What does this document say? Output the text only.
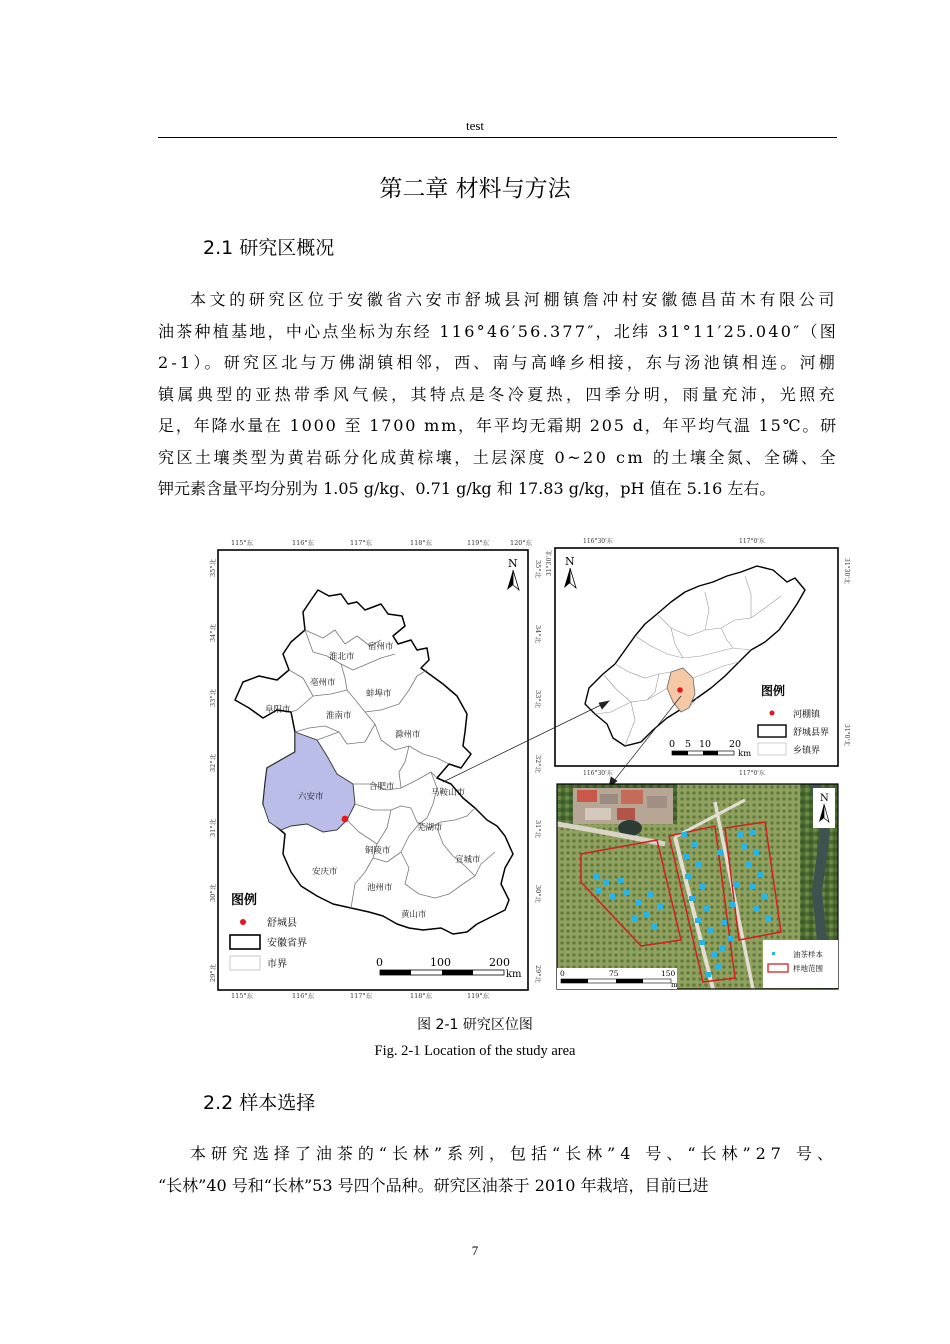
test
第二章 材料与方法
2.1 研究区概况

本文的研究区位于安徽省六安市舒城县河棚镇詹冲村安徽德昌苗木有限公司
油茶种植基地，中心点坐标为东经 116°46′56.377″，北纬 31°11′25.040″（图
2-1）。研究区北与万佛湖镇相邻，西、南与高峰乡相接，东与汤池镇相连。河棚
镇属典型的亚热带季风气候，其特点是冬冷夏热，四季分明，雨量充沛，光照充
足，年降水量在 1000 至 1700 mm，年平均无霜期 205 d，年平均气温 15℃。研
究区土壤类型为黄岩砾分化成黄棕壤，土层深度 0~20 cm 的土壤全氮、全磷、全
钾元素含量平均分别为 1.05 g/kg、0.71 g/kg 和 17.83 g/kg，pH 值在 5.16 左右。

115°东	116°东	117°东	118°东	119°东	120°东
115°东	116°东	117°东	118°东	119°东
35°北
34°北
33°北
32°北
31°北
30°北
29°北
35°北
34°北
33°北
32°北
31°北
30°北
29°北
宿州市
淮北市
亳州市
蚌埠市
阜阳市
淮南市
滁州市
六安市
合肥市
马鞍山市
芜湖市
铜陵市
安庆市
宣城市
池州市
黄山市
N
图例
舒城县
安徽省界
市界	0	100	200
km
116°30'东	117°0'东
116°30'东	117°0'东
31°30'北	31°30'北
31°0'北
N
图例
河棚镇
舒城县界
乡镇界
0 5 10 20
km
N
油茶样本
样地范围
0	75	150
m
图 2-1 研究区位图
Fig. 2-1 Location of the study area
2.2 样本选择

本研究选择了油茶的“长林”系列，包括“长林”4 号、“长林”27 号、
“长林”40 号和“长林”53 号四个品种。研究区油茶于 2010 年栽培，目前已进

7
